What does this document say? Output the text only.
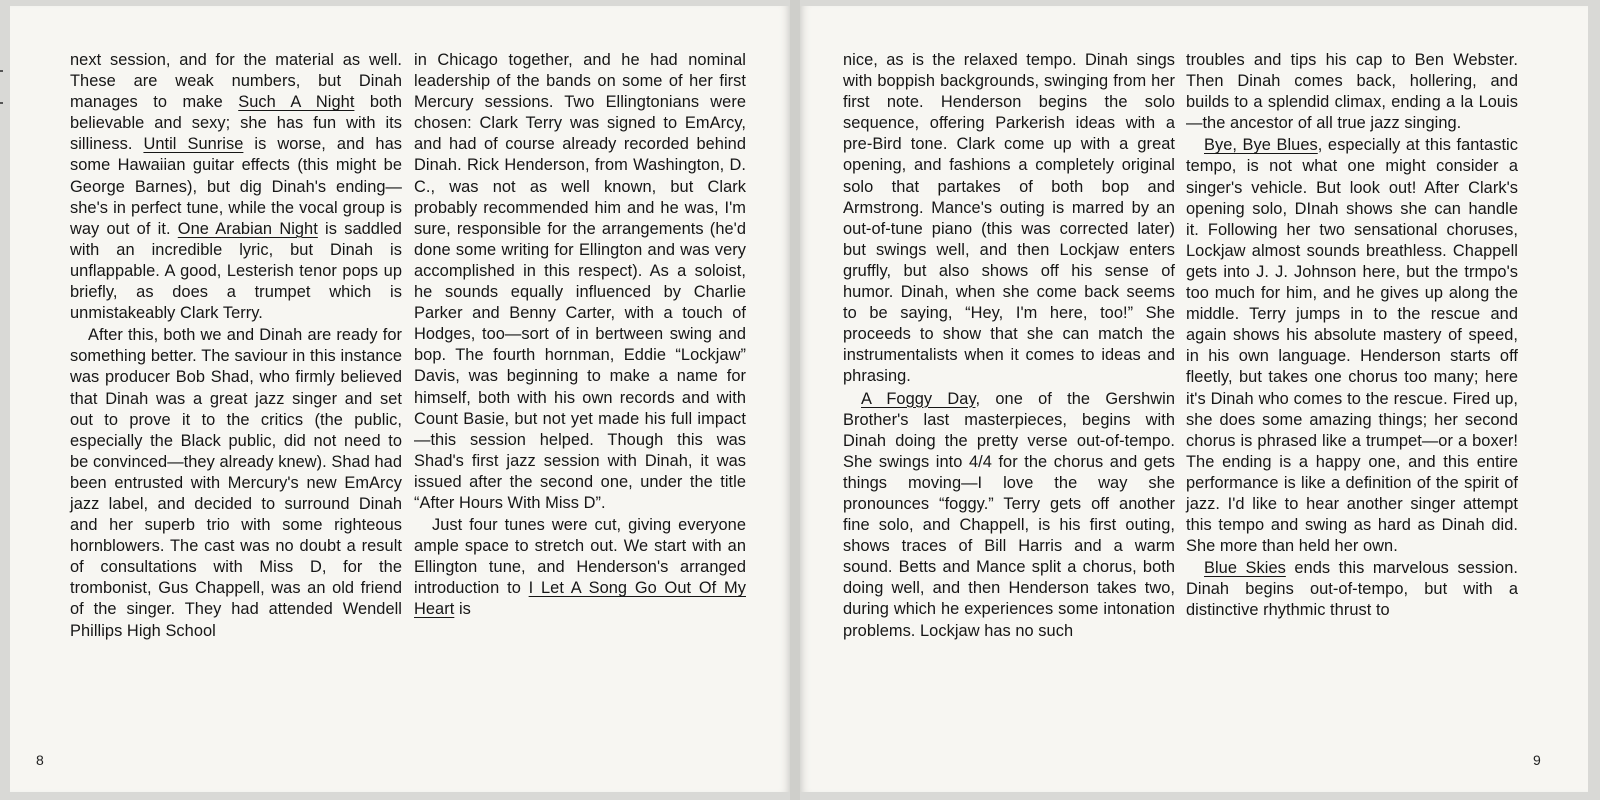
next session, and for the material as well. These are weak numbers, but Dinah manages to make Such A Night both believable and sexy; she has fun with its silliness. Until Sunrise is worse, and has some Hawaiian guitar effects (this might be George Barnes), but dig Dinah's ending—she's in perfect tune, while the vocal group is way out of it. One Arabian Night is saddled with an incredible lyric, but Dinah is unflappable. A good, Lesterish tenor pops up briefly, as does a trumpet which is unmistakeably Clark Terry.

After this, both we and Dinah are ready for something better. The saviour in this instance was producer Bob Shad, who firmly believed that Dinah was a great jazz singer and set out to prove it to the critics (the public, especially the Black public, did not need to be convinced—they already knew). Shad had been entrusted with Mercury's new EmArcy jazz label, and decided to surround Dinah and her superb trio with some righteous hornblowers. The cast was no doubt a result of consultations with Miss D, for the trombonist, Gus Chappell, was an old friend of the singer. They had attended Wendell Phillips High School

in Chicago together, and he had nominal leadership of the bands on some of her first Mercury sessions. Two Ellingtonians were chosen: Clark Terry was signed to EmArcy, and had of course already recorded behind Dinah. Rick Henderson, from Washington, D. C., was not as well known, but Clark probably recommended him and he was, I'm sure, responsible for the arrangements (he'd done some writing for Ellington and was very accomplished in this respect). As a soloist, he sounds equally influenced by Charlie Parker and Benny Carter, with a touch of Hodges, too—sort of in bertween swing and bop. The fourth hornman, Eddie “Lockjaw” Davis, was beginning to make a name for himself, both with his own records and with Count Basie, but not yet made his full impact—this session helped. Though this was Shad's first jazz session with Dinah, it was issued after the second one, under the title “After Hours With Miss D”.

Just four tunes were cut, giving everyone ample space to stretch out. We start with an Ellington tune, and Henderson's arranged introduction to I Let A Song Go Out Of My Heart is

8

nice, as is the relaxed tempo. Dinah sings with boppish backgrounds, swinging from her first note. Henderson begins the solo sequence, offering Parkerish ideas with a pre-Bird tone. Clark come up with a great opening, and fashions a completely original solo that partakes of both bop and Armstrong. Mance's outing is marred by an out-of-tune piano (this was corrected later) but swings well, and then Lockjaw enters gruffly, but also shows off his sense of humor. Dinah, when she come back seems to be saying, “Hey, I'm here, too!” She proceeds to show that she can match the instrumentalists when it comes to ideas and phrasing.

A Foggy Day, one of the Gershwin Brother's last masterpieces, begins with Dinah doing the pretty verse out-of-tempo. She swings into 4/4 for the chorus and gets things moving—I love the way she pronounces “foggy.” Terry gets off another fine solo, and Chappell, is his first outing, shows traces of Bill Harris and a warm sound. Betts and Mance split a chorus, both doing well, and then Henderson takes two, during which he experiences some intonation problems. Lockjaw has no such

troubles and tips his cap to Ben Webster. Then Dinah comes back, hollering, and builds to a splendid climax, ending a la Louis—the ancestor of all true jazz singing.

Bye, Bye Blues, especially at this fantastic tempo, is not what one might consider a singer's vehicle. But look out! After Clark's opening solo, DInah shows she can handle it. Following her two sensational choruses, Lockjaw almost sounds breathless. Chappell gets into J. J. Johnson here, but the trmpo's too much for him, and he gives up along the middle. Terry jumps in to the rescue and again shows his absolute mastery of speed, in his own language. Henderson starts off fleetly, but takes one chorus too many; here it's Dinah who comes to the rescue. Fired up, she does some amazing things; her second chorus is phrased like a trumpet—or a boxer! The ending is a happy one, and this entire performance is like a definition of the spirit of jazz. I'd like to hear another singer attempt this tempo and swing as hard as Dinah did. She more than held her own.

Blue Skies ends this marvelous session. Dinah begins out-of-tempo, but with a distinctive rhythmic thrust to

9
